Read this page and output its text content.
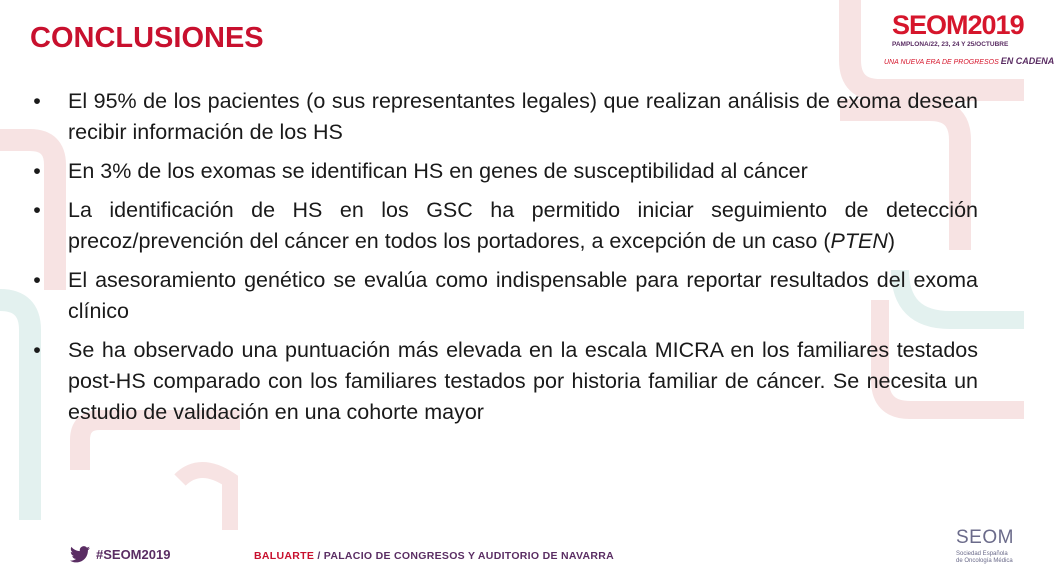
CONCLUSIONES	SEOM2019
PAMPLONA/22, 23, 24 Y 25/OCTUBRE
UNA NUEVA ERA DE PROGRESOS EN CADENA
• El 95% de los pacientes (o sus representantes legales) que realizan análisis de exoma desean recibir información de los HS
• En 3% de los exomas se identifican HS en genes de susceptibilidad al cáncer
• La identificación de HS en los GSC ha permitido iniciar seguimiento de detección precoz/prevención del cáncer en todos los portadores, a excepción de un caso (PTEN)
• El asesoramiento genético se evalúa como indispensable para reportar resultados del exoma clínico
• Se ha observado una puntuación más elevada en la escala MICRA en los familiares testados post-HS comparado con los familiares testados por historia familiar de cáncer. Se necesita un estudio de validación en una cohorte mayor
#SEOM2019	BALUARTE / PALACIO DE CONGRESOS Y AUDITORIO DE NAVARRA
SEOM
Sociedad Española
de Oncología Médica
